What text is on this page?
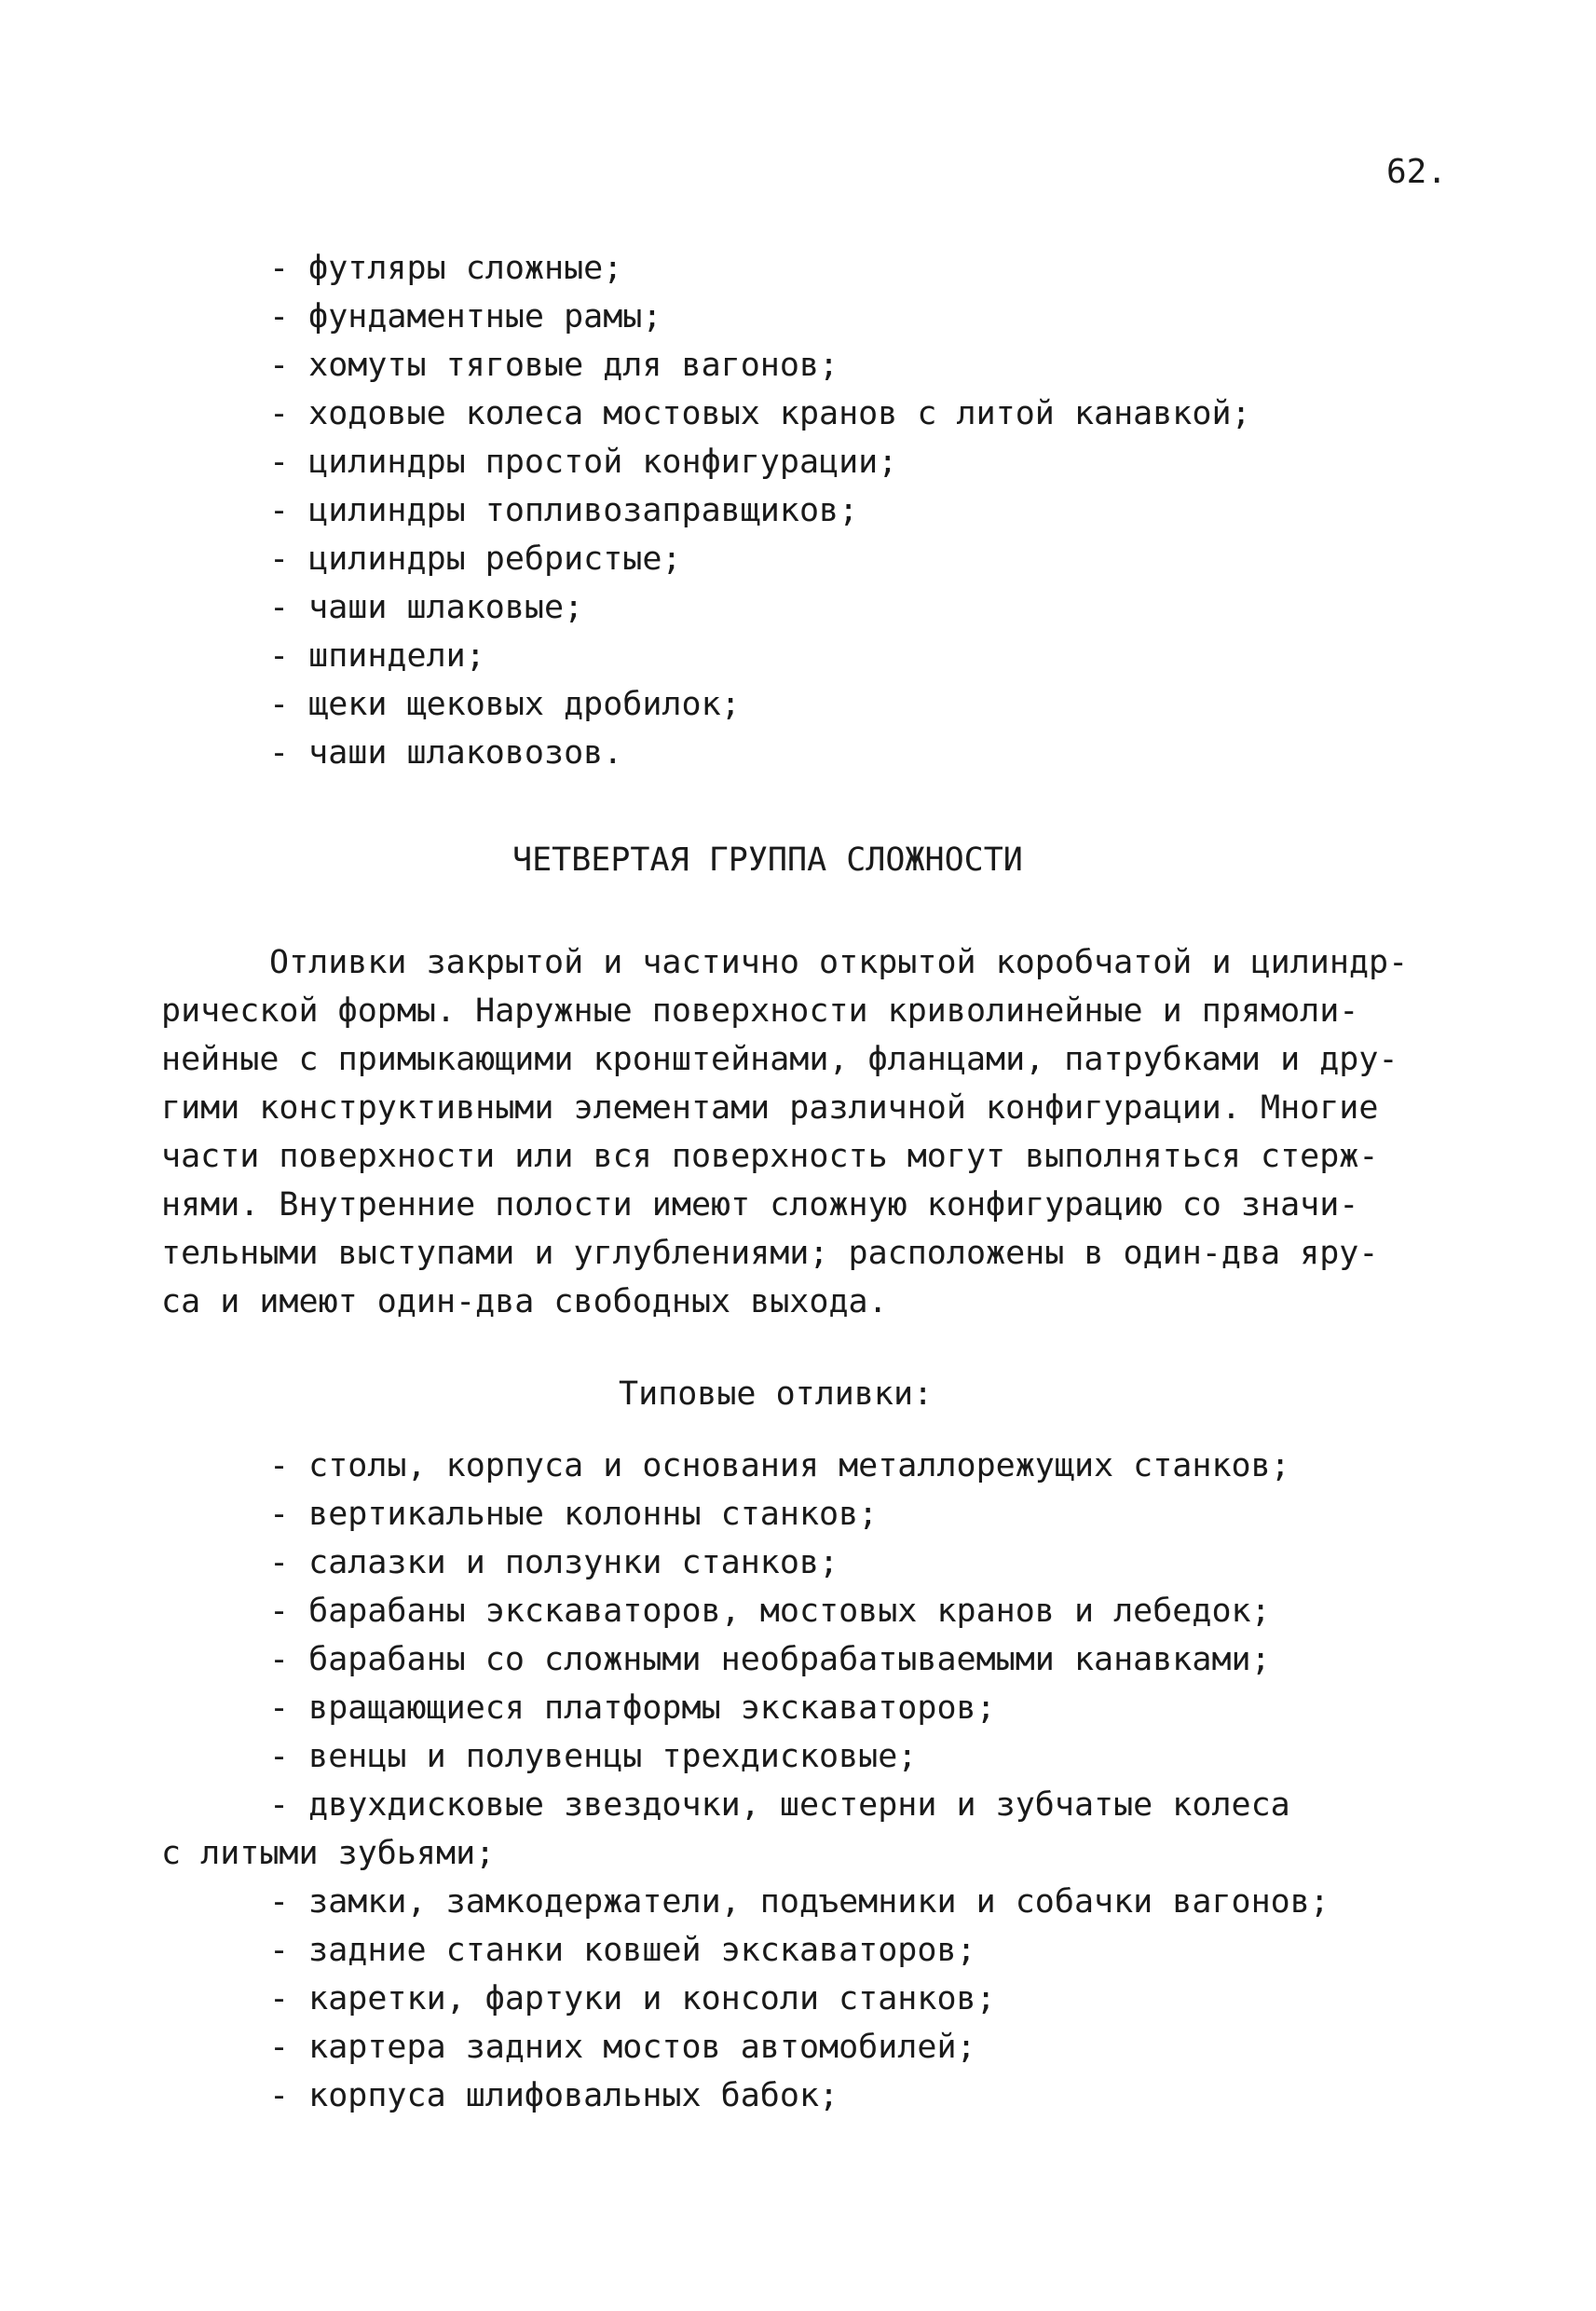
62.
- футляры сложные;
- фундаментные рамы;
- хомуты тяговые для вагонов;
- ходовые колеса мостовых кранов с литой канавкой;
- цилиндры простой конфигурации;
- цилиндры топливозаправщиков;
- цилиндры ребристые;
- чаши шлаковые;
- шпиндели;
- щеки щековых дробилок;
- чаши шлаковозов.
ЧЕТВЕРТАЯ ГРУППА СЛОЖНОСТИ
Отливки закрытой и частично открытой коробчатой и цилиндр-
рической формы. Наружные поверхности криволинейные и прямоли-
нейные с примыкающими кронштейнами, фланцами, патрубками и дру-
гими конструктивными элементами различной конфигурации. Многие
части поверхности или вся поверхность могут выполняться стерж-
нями. Внутренние полости имеют сложную конфигурацию со значи-
тельными выступами и углублениями; расположены в один-два яру-
са и имеют один-два свободных выхода.
Типовые отливки:
- столы, корпуса и основания металлорежущих станков;
- вертикальные колонны станков;
- салазки и ползунки станков;
- барабаны экскаваторов, мостовых кранов и лебедок;
- барабаны со сложными необрабатываемыми канавками;
- вращающиеся платформы экскаваторов;
- венцы и полувенцы трехдисковые;
- двухдисковые звездочки, шестерни и зубчатые колеса
с литыми зубьями;
- замки, замкодержатели, подъемники и собачки вагонов;
- задние станки ковшей экскаваторов;
- каретки, фартуки и консоли станков;
- картера задних мостов автомобилей;
- корпуса шлифовальных бабок;
